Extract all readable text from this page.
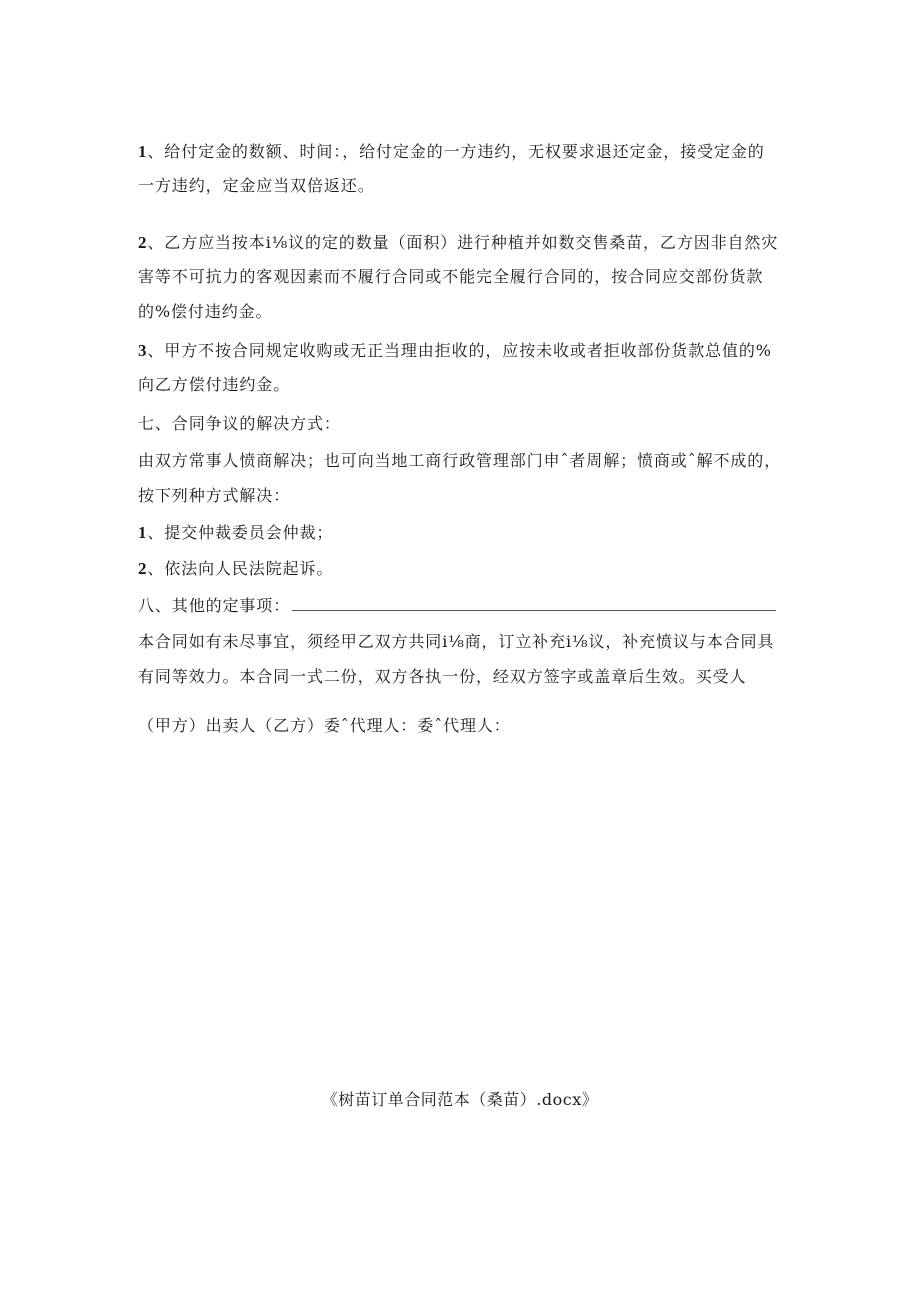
1、给付定金的数额、时间：，给付定金的一方违约，无权要求退还定金，接受定金的
一方违约，定金应当双倍返还。
2、乙方应当按本i⅛议的定的数量（面积）进行种植并如数交售桑苗，乙方因非自然灾
害等不可抗力的客观因素而不履行合同或不能完全履行合同的，按合同应交部份货款
的%偿付违约金。
3、甲方不按合同规定收购或无正当理由拒收的，应按未收或者拒收部份货款总值的%
向乙方偿付违约金。
七、合同争议的解决方式：
由双方常事人愤商解决；也可向当地工商行政管理部门申ˆ者周解；愤商或ˆ解不成的，
按下列种方式解决：
1、提交仲裁委员会仲裁；
2、依法向人民法院起诉。
八、其他的定事项：
本合同如有未尽事宜，须经甲乙双方共同i⅛商，订立补充i⅛议，补充愤议与本合同具
有同等效力。本合同一式二份，双方各执一份，经双方签字或盖章后生效。买受人
（甲方）出卖人（乙方）委ˆ代理人：委ˆ代理人：
《树苗订单合同范本（桑苗）.docx》
